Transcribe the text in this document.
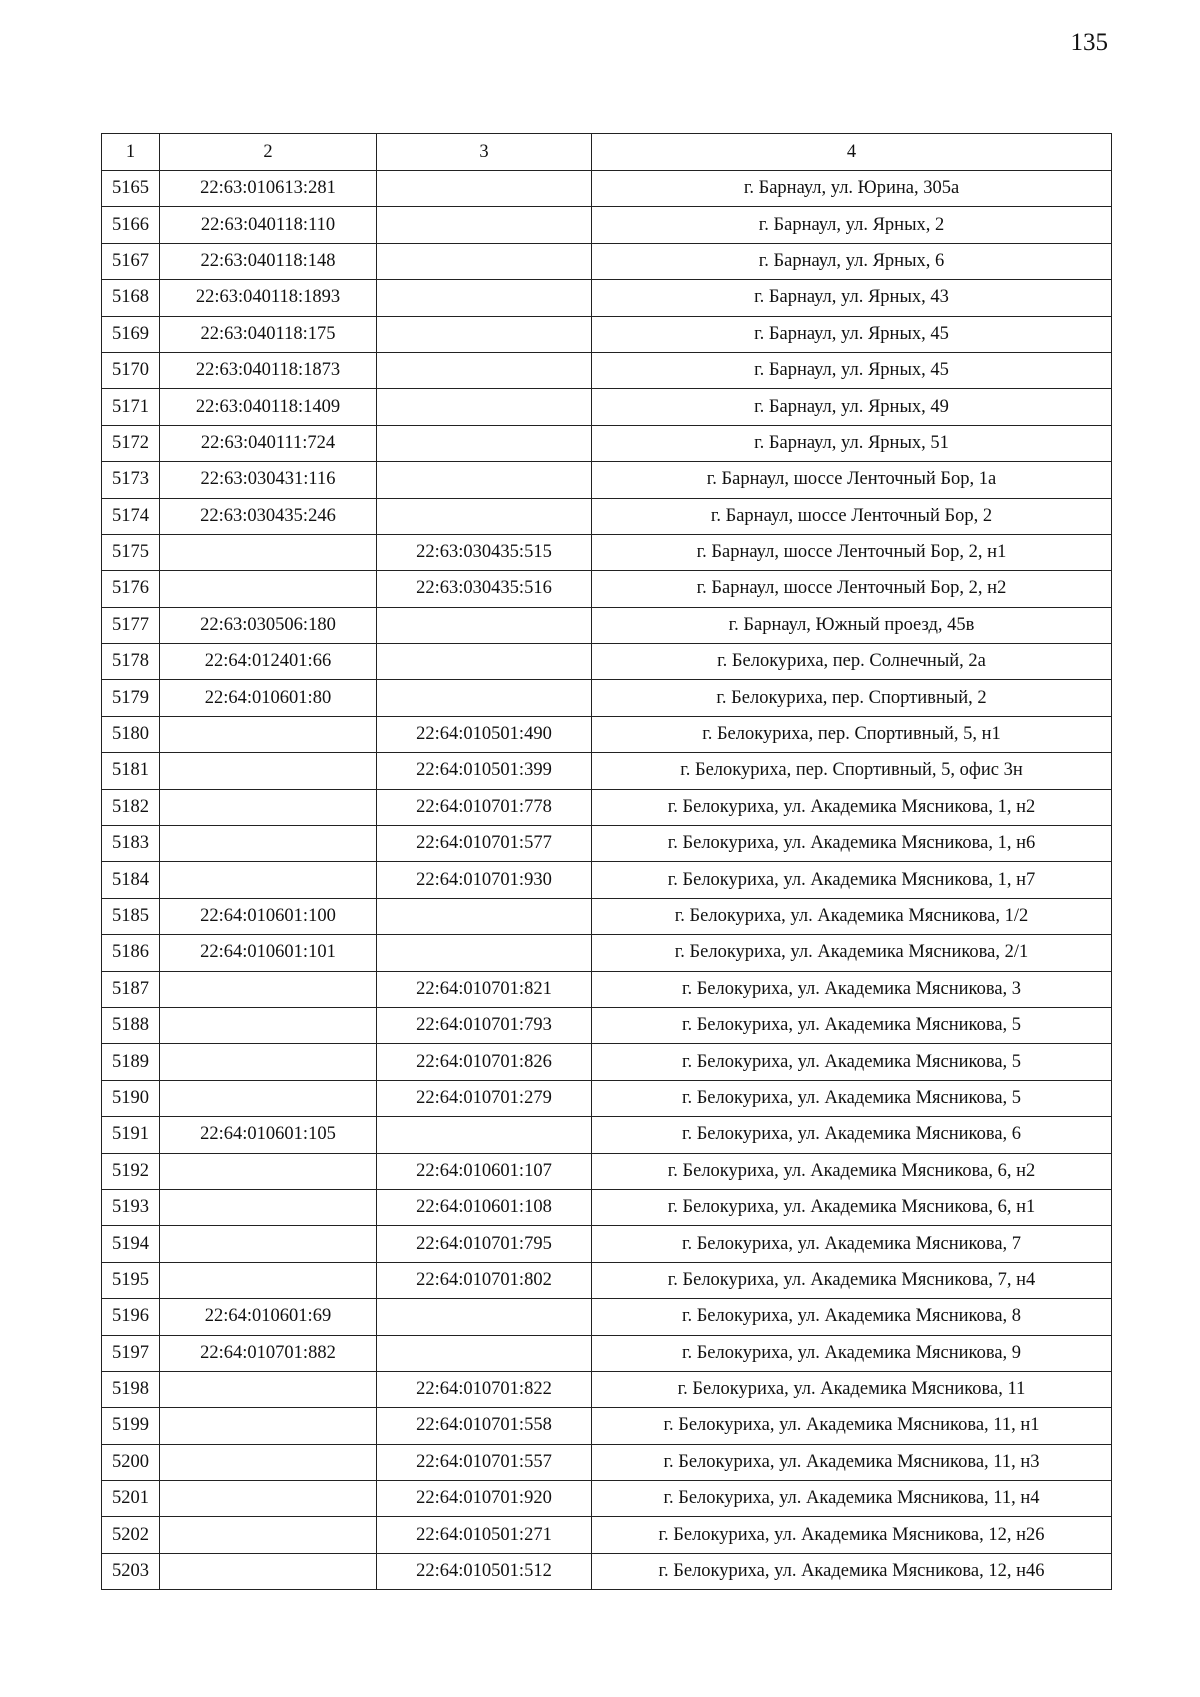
135
1	2	3	4
5165	22:63:010613:281		г. Барнаул, ул. Юрина, 305а
5166	22:63:040118:110		г. Барнаул, ул. Ярных, 2
5167	22:63:040118:148		г. Барнаул, ул. Ярных, 6
5168	22:63:040118:1893		г. Барнаул, ул. Ярных, 43
5169	22:63:040118:175		г. Барнаул, ул. Ярных, 45
5170	22:63:040118:1873		г. Барнаул, ул. Ярных, 45
5171	22:63:040118:1409		г. Барнаул, ул. Ярных, 49
5172	22:63:040111:724		г. Барнаул, ул. Ярных, 51
5173	22:63:030431:116		г. Барнаул, шоссе Ленточный Бор, 1а
5174	22:63:030435:246		г. Барнаул, шоссе Ленточный Бор, 2
5175		22:63:030435:515	г. Барнаул, шоссе Ленточный Бор, 2, н1
5176		22:63:030435:516	г. Барнаул, шоссе Ленточный Бор, 2, н2
5177	22:63:030506:180		г. Барнаул, Южный проезд, 45в
5178	22:64:012401:66		г. Белокуриха, пер. Солнечный, 2а
5179	22:64:010601:80		г. Белокуриха, пер. Спортивный, 2
5180		22:64:010501:490	г. Белокуриха, пер. Спортивный, 5, н1
5181		22:64:010501:399	г. Белокуриха, пер. Спортивный, 5, офис 3н
5182		22:64:010701:778	г. Белокуриха, ул. Академика Мясникова, 1, н2
5183		22:64:010701:577	г. Белокуриха, ул. Академика Мясникова, 1, н6
5184		22:64:010701:930	г. Белокуриха, ул. Академика Мясникова, 1, н7
5185	22:64:010601:100		г. Белокуриха, ул. Академика Мясникова, 1/2
5186	22:64:010601:101		г. Белокуриха, ул. Академика Мясникова, 2/1
5187		22:64:010701:821	г. Белокуриха, ул. Академика Мясникова, 3
5188		22:64:010701:793	г. Белокуриха, ул. Академика Мясникова, 5
5189		22:64:010701:826	г. Белокуриха, ул. Академика Мясникова, 5
5190		22:64:010701:279	г. Белокуриха, ул. Академика Мясникова, 5
5191	22:64:010601:105		г. Белокуриха, ул. Академика Мясникова, 6
5192		22:64:010601:107	г. Белокуриха, ул. Академика Мясникова, 6, н2
5193		22:64:010601:108	г. Белокуриха, ул. Академика Мясникова, 6, н1
5194		22:64:010701:795	г. Белокуриха, ул. Академика Мясникова, 7
5195		22:64:010701:802	г. Белокуриха, ул. Академика Мясникова, 7, н4
5196	22:64:010601:69		г. Белокуриха, ул. Академика Мясникова, 8
5197	22:64:010701:882		г. Белокуриха, ул. Академика Мясникова, 9
5198		22:64:010701:822	г. Белокуриха, ул. Академика Мясникова, 11
5199		22:64:010701:558	г. Белокуриха, ул. Академика Мясникова, 11, н1
5200		22:64:010701:557	г. Белокуриха, ул. Академика Мясникова, 11, н3
5201		22:64:010701:920	г. Белокуриха, ул. Академика Мясникова, 11, н4
5202		22:64:010501:271	г. Белокуриха, ул. Академика Мясникова, 12, н26
5203		22:64:010501:512	г. Белокуриха, ул. Академика Мясникова, 12, н46
